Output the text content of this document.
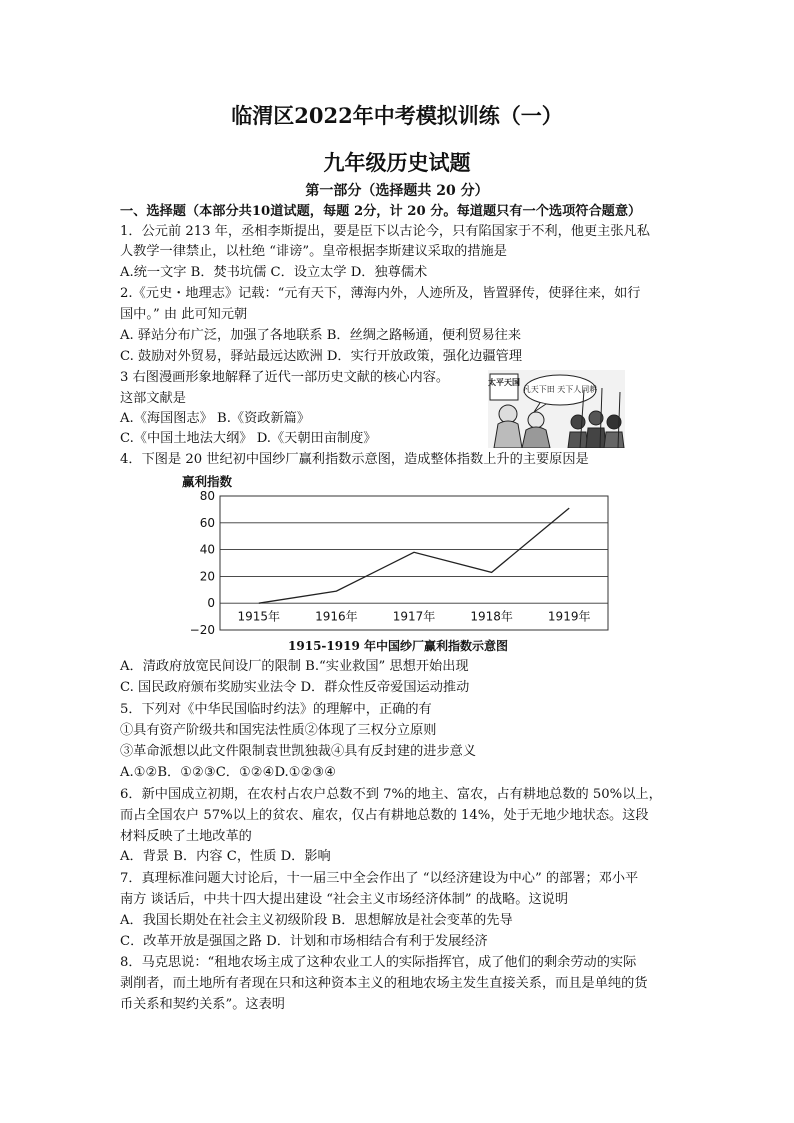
临渭区2022年中考模拟训练（一）
九年级历史试题
第一部分（选择题共 20 分）
一、选择题（本部分共10道试题，每题 2分，计 20 分。每道题只有一个选项符合题意）
1．公元前 213 年，丞相李斯提出，要是臣下以古论今，只有陷国家于不利，他更主张凡私
人教学一律禁止，以杜绝 “诽谤”。皇帝根据李斯建议采取的措施是
A.统一文字 B．焚书坑儒 C．设立太学 D．独尊儒术
2.《元史・地理志》记载：“元有天下，薄海内外，人迹所及，皆置驿传，使驿往来，如行
国中。” 由 此可知元朝
A. 驿站分布广泛，加强了各地联系 B．丝绸之路畅通，便利贸易往来
C. 鼓励对外贸易，驿站最远达欧洲 D．实行开放政策，强化边疆管理
3 右图漫画形象地解释了近代一部历史文献的核心内容。
这部文献是
A.《海国图志》 B.《资政新篇》
C.《中国土地法大纲》 D.《天朝田亩制度》
4．下图是 20 世纪初中国纱厂赢利指数示意图，造成整体指数上升的主要原因是
太平天国
凡天下田 天下人同耕
赢利指数
80
60
40
20
0
−20
1915年	1916年	1917年	1918年	1919年
1915-1919 年中国纱厂赢利指数示意图
A．清政府放宽民间设厂的限制 B.“实业救国” 思想开始出现
C. 国民政府颁布奖励实业法令 D．群众性反帝爱国运动推动
5．下列对《中华民国临时约法》的理解中，正确的有
①具有资产阶级共和国宪法性质②体现了三权分立原则
③革命派想以此文件限制袁世凯独裁④具有反封建的进步意义
A.①②B．①②③C．①②④D.①②③④
6．新中国成立初期，在农村占农户总数不到 7%的地主、富农，占有耕地总数的 50%以上，
而占全国农户 57%以上的贫农、雇农，仅占有耕地总数的 14%，处于无地少地状态。这段
材料反映了土地改革的
A．背景 B．内容 C，性质 D．影响
7．真理标准问题大讨论后，十一届三中全会作出了 “以经济建设为中心” 的部署；邓小平
南方 谈话后，中共十四大提出建设 “社会主义市场经济体制” 的战略。这说明
A．我国长期处在社会主义初级阶段 B．思想解放是社会变革的先导
C．改革开放是强国之路 D．计划和市场相结合有利于发展经济
8．马克思说：“租地农场主成了这种农业工人的实际指挥官，成了他们的剩余劳动的实际
剥削者，而土地所有者现在只和这种资本主义的租地农场主发生直接关系，而且是单纯的货
币关系和契约关系”。这表明
